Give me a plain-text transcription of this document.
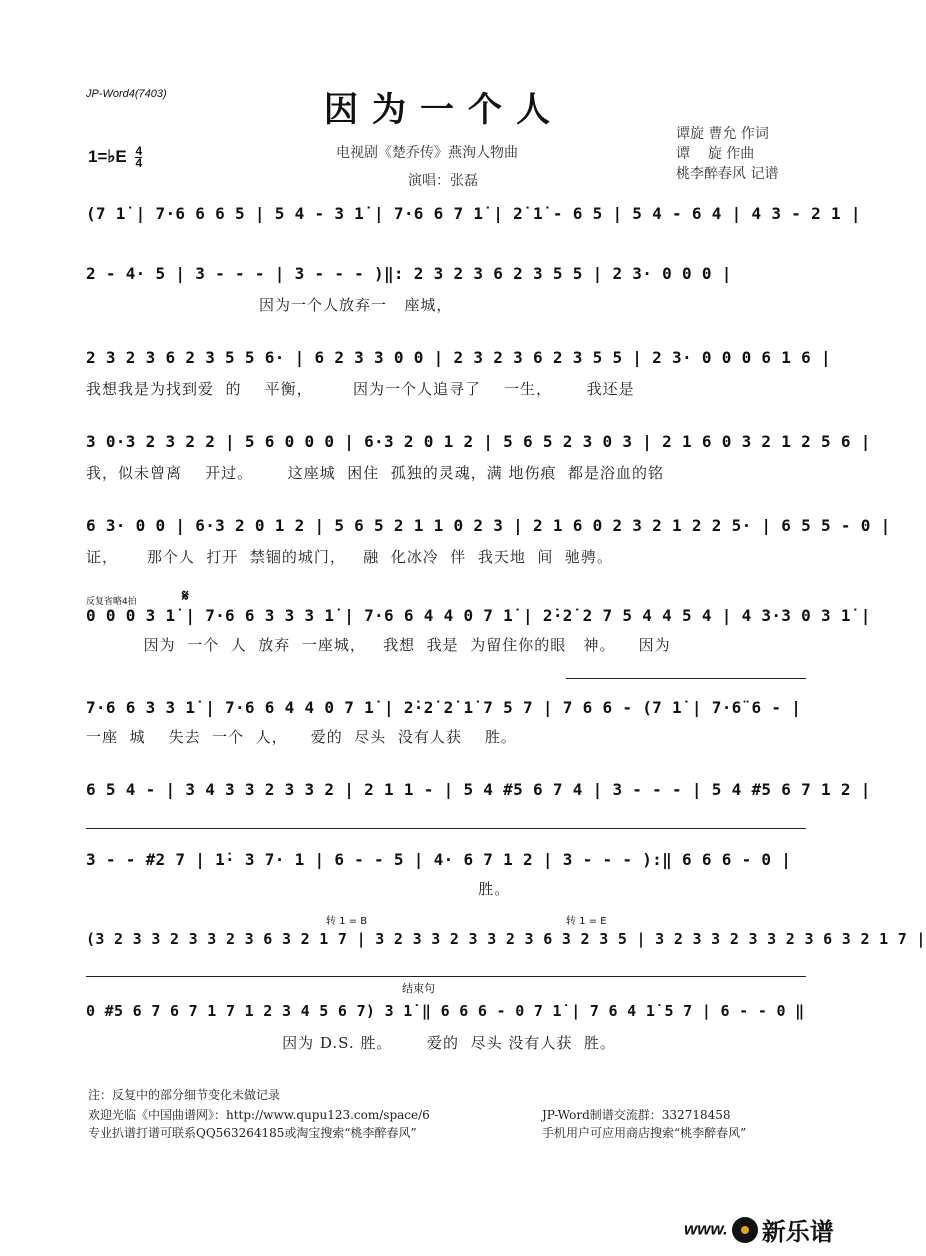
JP-Word4(7403)	因为一个人
1=♭E $\frac{4}{4}$	电视剧《楚乔传》燕洵人物曲
演唱：张磊
谭旋 曹允 作词
谭    旋 作曲
桃李醉春风 记谱
(7 1̇ | 7·6 6 6 5 | 5 4 - 3 1̇ | 7·6 6 7 1̇ | 2̇ 1̇ - 6 5 | 5 4 - 6 4 | 4 3 - 2 1 |
2 - 4· 5 | 3 - - - | 3 - - - )‖: 2 3 2 3 6 2 3 5 5 | 2 3· 0 0 0 |
因为一个人放弃一   座城，
2 3 2 3 6 2 3 5 5 6· | 6 2 3 3 0 0 | 2 3 2 3 6 2 3 5 5 | 2 3· 0 0 0 6 1 6 |
我想我是为找到爱  的    平衡，       因为一个人追寻了    一生，      我还是
3 0·3 2 3 2 2 | 5 6 0 0 0 | 6·3 2 0 1 2 | 5 6 5 2 3 0 3 | 2 1 6 0 3 2 1 2 5 6 |
我，似未曾离    开过。      这座城  困住  孤独的灵魂，满 地伤痕  都是浴血的铭
6 3· 0 0 | 6·3 2 0 1 2 | 5 6 5 2 1 1 0 2 3 | 2 1 6 0 2 3 2 1 2 2 5· | 6 5 5 - 0 |
证，     那个人  打开  禁锢的城门，   融  化冰冷  伴  我天地  间  驰骋。
反复省略4拍	𝄋
0 0 0 3 1̇ | 7·6 6 3 3 3 1̇ | 7·6 6 4 4 0 7 1̇ | 2̇·2̇ 2 7 5 4 4 5 4 | 4 3·3 0 3 1̇ |
因为  一个  人  放弃  一座城，   我想  我是  为留住你的眼   神。    因为
7·6 6 3 3 1̇ | 7·6 6 4 4 0 7 1̇ | 2̇·2̇ 2̇ 1̇ 7 5 7 | 7 6 6 - (7 1̇ | 7·6̈ 6 - |
一座  城    失去  一个  人，    爱的  尽头  没有人获    胜。
6 5 4 - | 3 4 3 3 2 3 3 2 | 2 1 1 - | 5 4 #5 6 7 4 | 3 - - - | 5 4 #5 6 7 1 2 |
3 - - #2 7 | 1̇· 3 7· 1 | 6 - - 5 | 4· 6 7 1 2 | 3 - - - ):‖ 6 6 6 - 0 |
胜。
转 1 = B	转 1 = E
(3 2 3 3 2 3 3 2 3 6 3 2 1 7 | 3 2 3 3 2 3 3 2 3 6 3 2 3 5 | 3 2 3 3 2 3 3 2 3 6 3 2 1 7 |
结束句
0 #5 6 7 6 7 1 7 1 2 3 4 5 6 7) 3 1̇ ‖ 6 6 6 - 0 7 1̇ | 7 6 4 1̇ 5 7 | 6 - - 0 ‖
因为 D.S. 胜。      爱的  尽头 没有人获  胜。
注：反复中的部分细节变化未做记录
欢迎光临《中国曲谱网》：http://www.qupu123.com/space/6
专业扒谱打谱可联系QQ563264185或淘宝搜索“桃李醉春风”
JP-Word制谱交流群：332718458
手机用户可应用商店搜索“桃李醉春风”
www. 新乐谱
